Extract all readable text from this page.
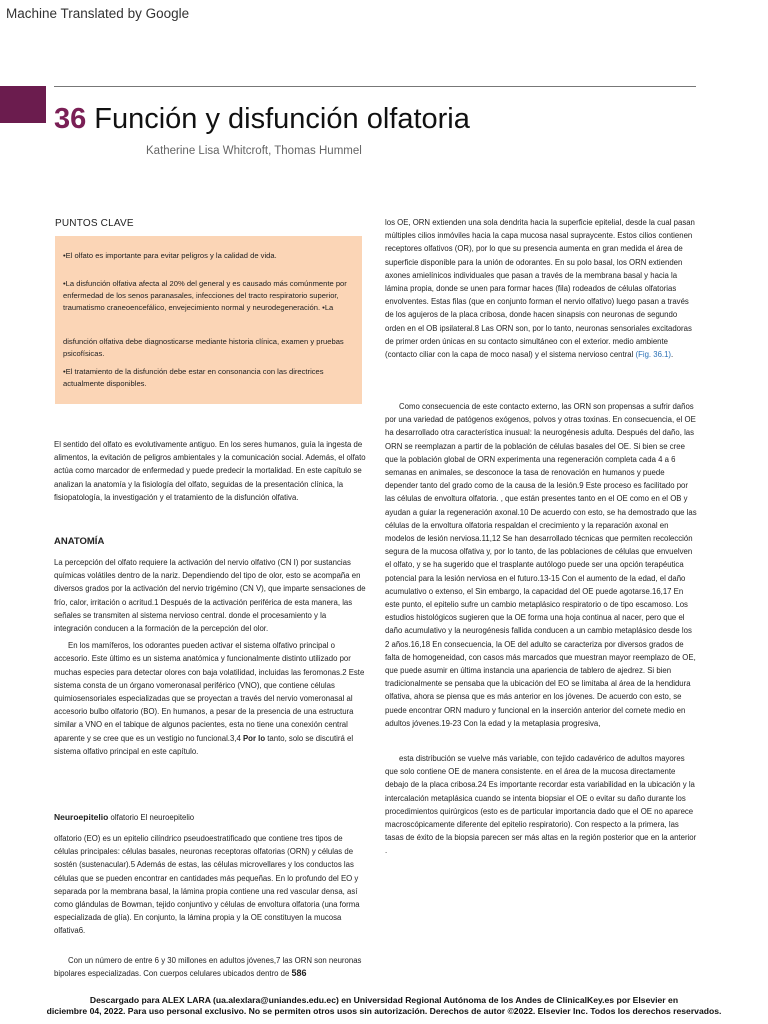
Machine Translated by Google
36 Función y disfunción olfatoria
Katherine Lisa Whitcroft, Thomas Hummel
PUNTOS CLAVE

•El olfato es importante para evitar peligros y la calidad de vida.

•La disfunción olfativa afecta al 20% del general y es causado más comúnmente por enfermedad de los senos paranasales, infecciones del tracto respiratorio superior, traumatismo craneoencefálico, envejecimiento normal y neurodegeneración. •La

disfunción olfativa debe diagnosticarse mediante historia clínica, examen y pruebas psicofísicas.

•El tratamiento de la disfunción debe estar en consonancia con las directrices actualmente disponibles.

El sentido del olfato es evolutivamente antiguo. En los seres humanos, guía la ingesta de alimentos, la evitación de peligros ambientales y la comunicación social. Además, el olfato actúa como marcador de enfermedad y puede predecir la mortalidad. En este capítulo se analizan la anatomía y la fisiología del olfato, seguidas de la presentación clínica, la fisiopatología, la investigación y el tratamiento de la disfunción olfativa.

ANATOMÍA

La percepción del olfato requiere la activación del nervio olfativo (CN I) por sustancias químicas volátiles dentro de la nariz. Dependiendo del tipo de olor, esto se acompaña en diversos grados por la activación del nervio trigémino (CN V), que imparte sensaciones de frío, calor, irritación o acritud.1 Después de la activación periférica de esta manera, las señales se transmiten al sistema nervioso central. donde el procesamiento y la integración conducen a la formación de la percepción del olor.

En los mamíferos, los odorantes pueden activar el sistema olfativo principal o accesorio. Este último es un sistema anatómica y funcionalmente distinto utilizado por muchas especies para detectar olores con baja volatilidad, incluidas las feromonas.2 Este sistema consta de un órgano vomeronasal periférico (VNO), que contiene células quimiosensoriales especializadas que se proyectan a través del nervio vomeronasal al accesorio bulbo olfatorio (BO). En humanos, a pesar de la presencia de una estructura similar a VNO en el tabique de algunos pacientes, esta no tiene una conexión central aparente y se cree que es un vestigio no funcional.3,4 Por lo tanto, solo se discutirá el sistema olfativo principal en este capítulo.

Neuroepitelio olfatorio El neuroepitelio

olfatorio (EO) es un epitelio cilíndrico pseudoestratificado que contiene tres tipos de células principales: células basales, neuronas receptoras olfatorias (ORN) y células de sostén (sustenacular).5 Además de estas, las células microvellares y los conductos las células que se pueden encontrar en cantidades más pequeñas. En lo profundo del EO y separada por la membrana basal, la lámina propia contiene una red vascular densa, así como glándulas de Bowman, tejido conjuntivo y células de envoltura olfatoria (una forma especializada de glía). En conjunto, la lámina propia y la OE constituyen la mucosa olfativa6.

Con un número de entre 6 y 30 millones en adultos jóvenes,7 las ORN son neuronas bipolares especializadas. Con cuerpos celulares ubicados dentro de 586

los OE, ORN extienden una sola dendrita hacia la superficie epitelial, desde la cual pasan múltiples cilios inmóviles hacia la capa mucosa nasal supraycente. Estos cilios contienen receptores olfativos (OR), por lo que su presencia aumenta en gran medida el área de superficie disponible para la unión de odorantes. En su polo basal, los ORN extienden axones amielínicos individuales que pasan a través de la membrana basal y hacia la lámina propia, donde se unen para formar haces (fila) rodeados de células olfatorias envolventes. Estas filas (que en conjunto forman el nervio olfativo) luego pasan a través de los agujeros de la placa cribosa, donde hacen sinapsis con neuronas de segundo orden en el OB ipsilateral.8 Las ORN son, por lo tanto, neuronas sensoriales excitadoras de primer orden únicas en su contacto simultáneo con el exterior. medio ambiente (contacto ciliar con la capa de moco nasal) y el sistema nervioso central (Fig. 36.1).

Como consecuencia de este contacto externo, las ORN son propensas a sufrir daños por una variedad de patógenos exógenos, polvos y otras toxinas. En consecuencia, el OE ha desarrollado otra característica inusual: la neurogénesis adulta. Después del daño, las ORN se reemplazan a partir de la población de células basales del OE. Si bien se cree que la población global de ORN experimenta una regeneración completa cada 4 a 6 semanas en animales, se desconoce la tasa de renovación en humanos y puede depender tanto del grado como de la causa de la lesión.9 Este proceso es facilitado por las células de envoltura olfatoria. , que están presentes tanto en el OE como en el OB y ayudan a guiar la regeneración axonal.10 De acuerdo con esto, se ha demostrado que las células de la envoltura olfatoria respaldan el crecimiento y la reparación axonal en modelos de lesión nerviosa.11,12 Se han desarrollado técnicas que permiten recolección segura de la mucosa olfativa y, por lo tanto, de las poblaciones de células que envuelven el olfato, y se ha sugerido que el trasplante autólogo puede ser una opción terapéutica potencial para la lesión nerviosa en el futuro.13-15 Con el aumento de la edad, el daño acumulativo o extenso, el Sin embargo, la capacidad del OE puede agotarse.16,17 En este punto, el epitelio sufre un cambio metaplásico respiratorio o de tipo escamoso. Los estudios histológicos sugieren que la OE forma una hoja continua al nacer, pero que el daño acumulativo y la neurogénesis fallida conducen a un cambio metaplásico desde los 2 años.16,18 En consecuencia, la OE del adulto se caracteriza por diversos grados de falta de homogeneidad, con casos más marcados que muestran mayor reemplazo de OE, que puede asumir en última instancia una apariencia de tablero de ajedrez. Si bien tradicionalmente se pensaba que la ubicación del EO se limitaba al área de la hendidura olfativa, ahora se piensa que es más anterior en los jóvenes. De acuerdo con esto, se puede encontrar ORN maduro y funcional en la inserción anterior del cornete medio en adultos jóvenes.19-23 Con la edad y la metaplasia progresiva,

esta distribución se vuelve más variable, con tejido cadavérico de adultos mayores que solo contiene OE de manera consistente. en el área de la mucosa directamente debajo de la placa cribosa.24 Es importante recordar esta variabilidad en la ubicación y la intercalación metaplásica cuando se intenta biopsiar el OE o evitar su daño durante los procedimientos quirúrgicos (esto es de particular importancia dado que el OE no aparece macroscópicamente diferente del epitelio respiratorio). Con respecto a la primera, las tasas de éxito de la biopsia parecen ser más altas en la región posterior que en la anterior .

Descargado para ALEX LARA (ua.alexlara@uniandes.edu.ec) en Universidad Regional Autónoma de los Andes de ClinicalKey.es por Elsevier en
diciembre 04, 2022. Para uso personal exclusivo. No se permiten otros usos sin autorización. Derechos de autor ©2022. Elsevier Inc. Todos los derechos reservados.
